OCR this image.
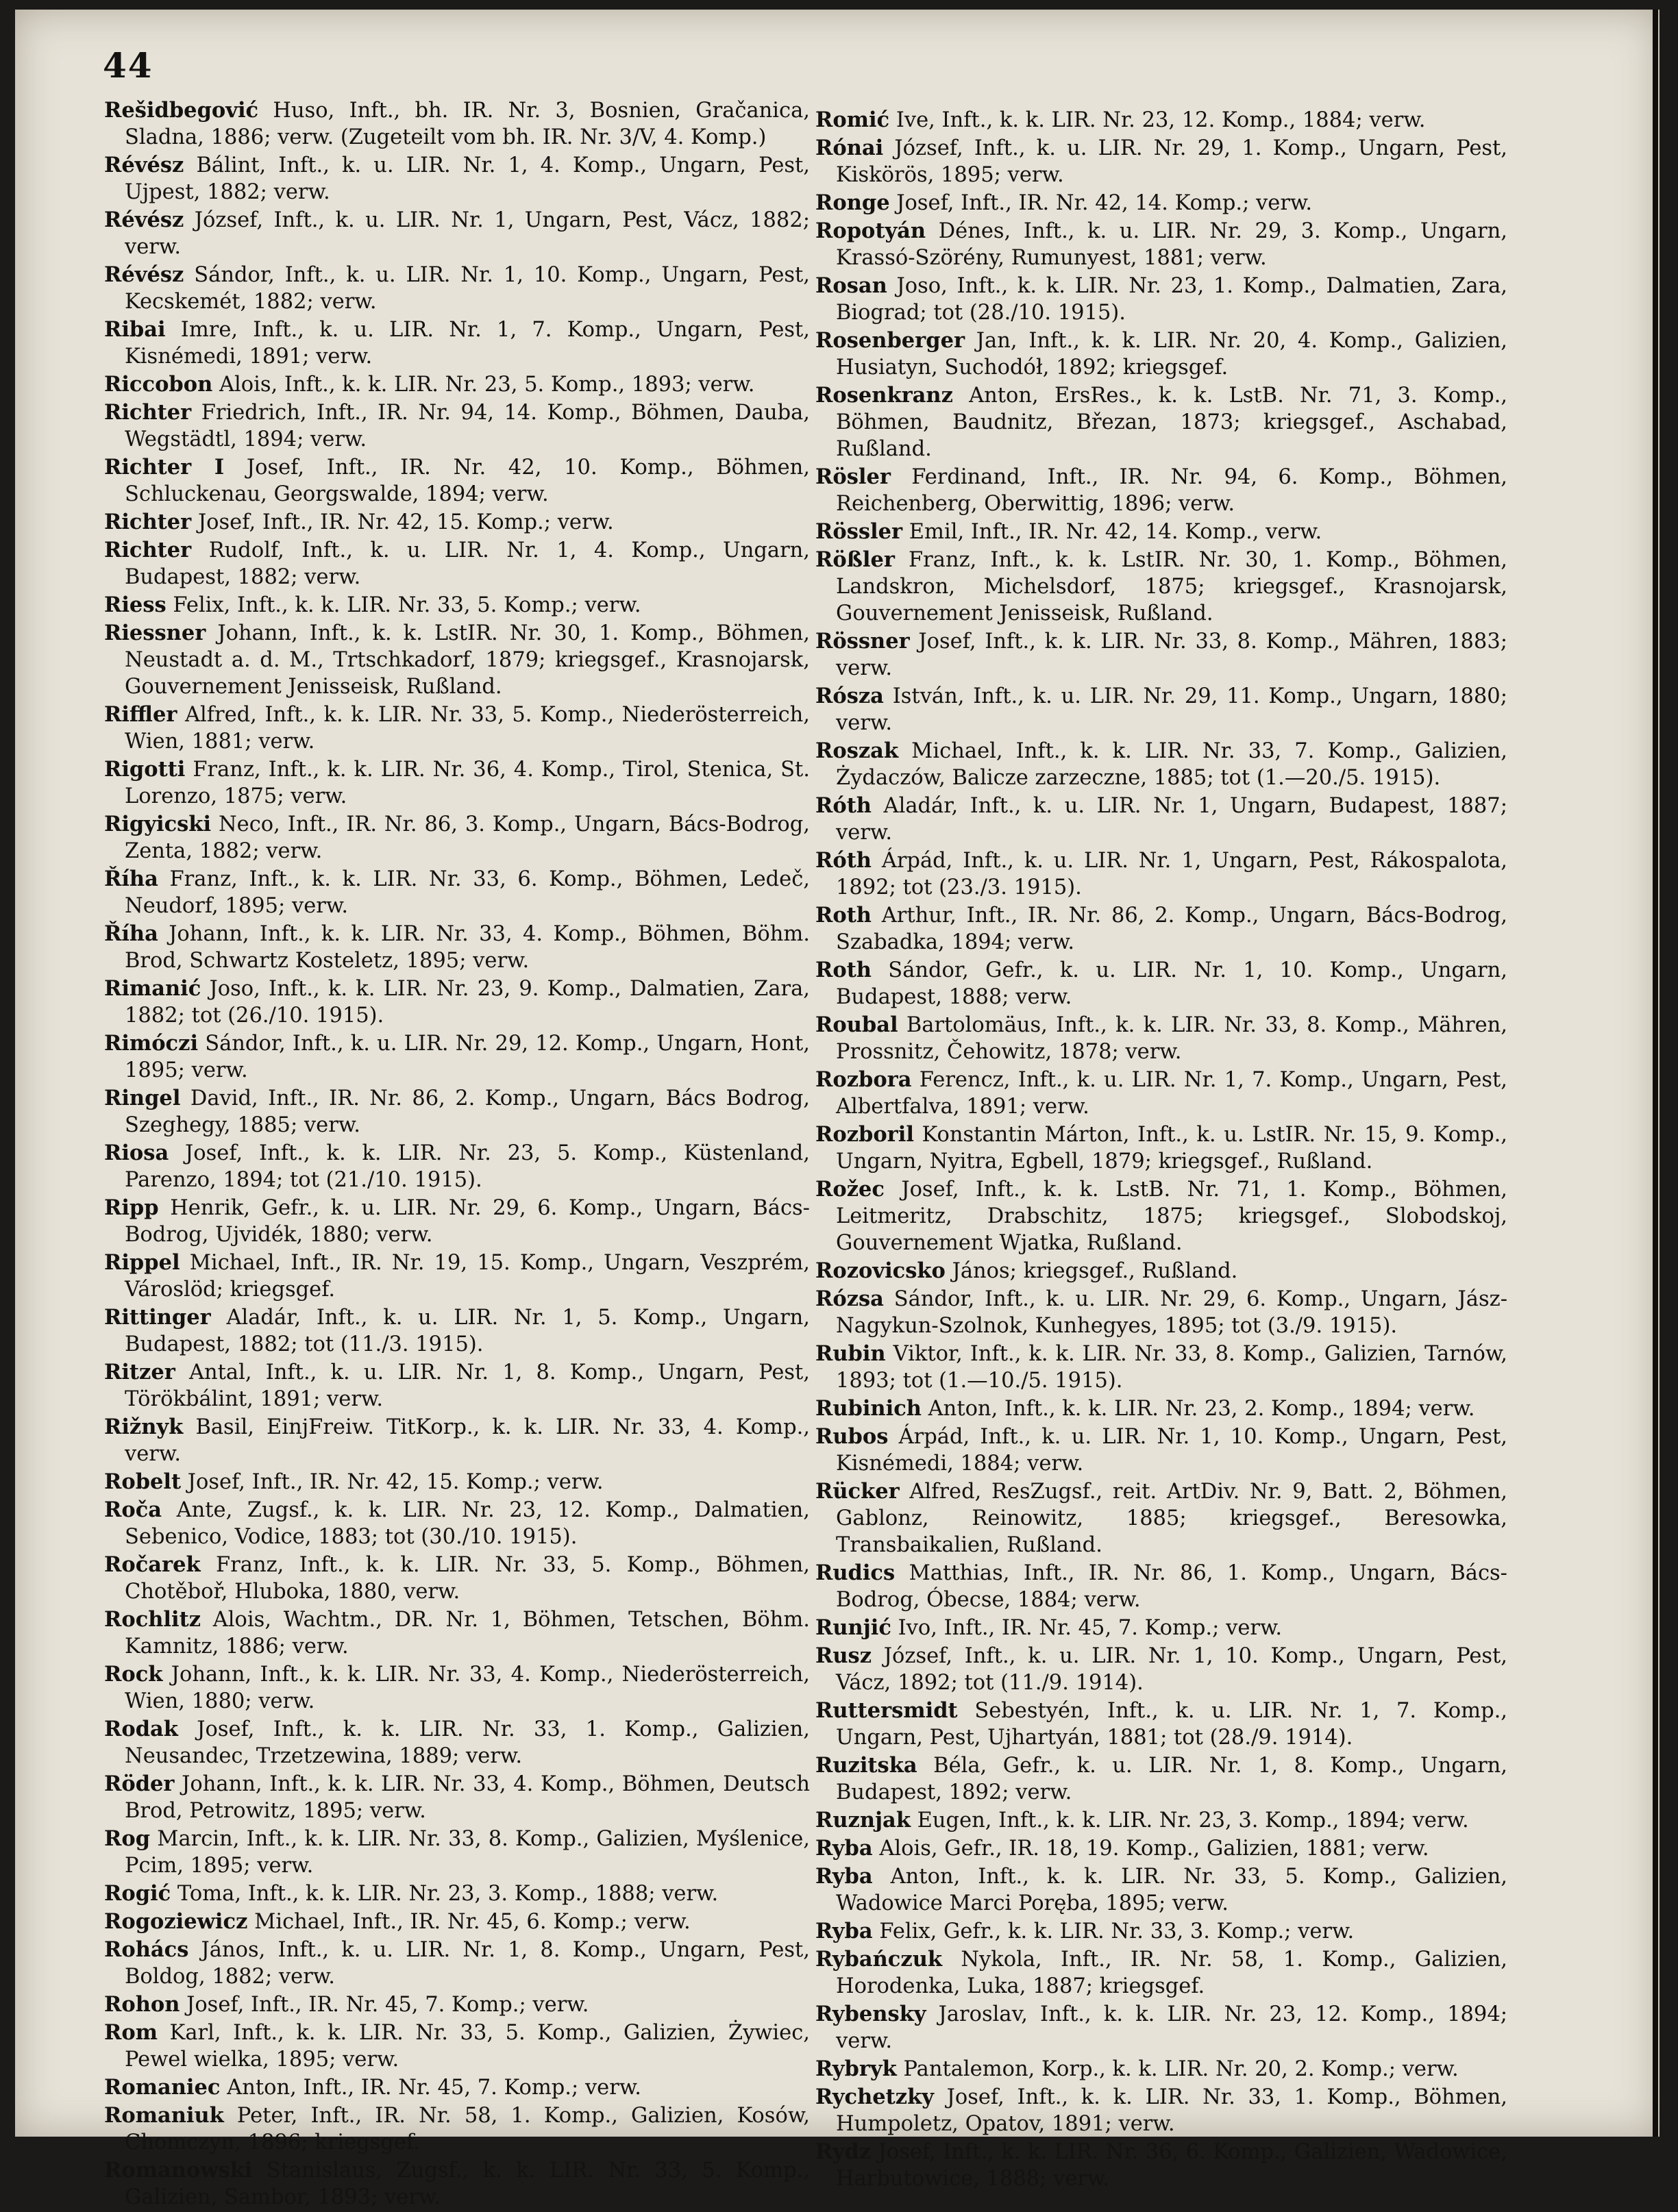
44

Rešidbegović Huso, Inft., bh. IR. Nr. 3, Bosnien, Gračanica, Sladna, 1886; verw. (Zugeteilt vom bh. IR. Nr. 3/V, 4. Komp.)

Révész Bálint, Inft., k. u. LIR. Nr. 1, 4. Komp., Ungarn, Pest, Ujpest, 1882; verw.

Révész József, Inft., k. u. LIR. Nr. 1, Ungarn, Pest, Vácz, 1882; verw.

Révész Sándor, Inft., k. u. LIR. Nr. 1, 10. Komp., Ungarn, Pest, Kecskemét, 1882; verw.

Ribai Imre, Inft., k. u. LIR. Nr. 1, 7. Komp., Ungarn, Pest, Kisnémedi, 1891; verw.

Riccobon Alois, Inft., k. k. LIR. Nr. 23, 5. Komp., 1893; verw.

Richter Friedrich, Inft., IR. Nr. 94, 14. Komp., Böhmen, Dauba, Wegstädtl, 1894; verw.

Richter I Josef, Inft., IR. Nr. 42, 10. Komp., Böhmen, Schluckenau, Georgswalde, 1894; verw.

Richter Josef, Inft., IR. Nr. 42, 15. Komp.; verw.

Richter Rudolf, Inft., k. u. LIR. Nr. 1, 4. Komp., Ungarn, Budapest, 1882; verw.

Riess Felix, Inft., k. k. LIR. Nr. 33, 5. Komp.; verw.

Riessner Johann, Inft., k. k. LstIR. Nr. 30, 1. Komp., Böhmen, Neustadt a. d. M., Trtschkadorf, 1879; kriegsgef., Krasnojarsk, Gouvernement Jenisseisk, Rußland.

Riffler Alfred, Inft., k. k. LIR. Nr. 33, 5. Komp., Niederösterreich, Wien, 1881; verw.

Rigotti Franz, Inft., k. k. LIR. Nr. 36, 4. Komp., Tirol, Stenica, St. Lorenzo, 1875; verw.

Rigyicski Neco, Inft., IR. Nr. 86, 3. Komp., Ungarn, Bács-Bodrog, Zenta, 1882; verw.

Říha Franz, Inft., k. k. LIR. Nr. 33, 6. Komp., Böhmen, Ledeč, Neudorf, 1895; verw.

Říha Johann, Inft., k. k. LIR. Nr. 33, 4. Komp., Böhmen, Böhm. Brod, Schwartz Kosteletz, 1895; verw.

Rimanić Joso, Inft., k. k. LIR. Nr. 23, 9. Komp., Dalmatien, Zara, 1882; tot (26./10. 1915).

Rimóczi Sándor, Inft., k. u. LIR. Nr. 29, 12. Komp., Ungarn, Hont, 1895; verw.

Ringel David, Inft., IR. Nr. 86, 2. Komp., Ungarn, Bács Bodrog, Szeghegy, 1885; verw.

Riosa Josef, Inft., k. k. LIR. Nr. 23, 5. Komp., Küstenland, Parenzo, 1894; tot (21./10. 1915).

Ripp Henrik, Gefr., k. u. LIR. Nr. 29, 6. Komp., Ungarn, Bács-Bodrog, Ujvidék, 1880; verw.

Rippel Michael, Inft., IR. Nr. 19, 15. Komp., Ungarn, Veszprém, Városlöd; kriegsgef.

Rittinger Aladár, Inft., k. u. LIR. Nr. 1, 5. Komp., Ungarn, Budapest, 1882; tot (11./3. 1915).

Ritzer Antal, Inft., k. u. LIR. Nr. 1, 8. Komp., Ungarn, Pest, Törökbálint, 1891; verw.

Rižnyk Basil, EinjFreiw. TitKorp., k. k. LIR. Nr. 33, 4. Komp., verw.

Robelt Josef, Inft., IR. Nr. 42, 15. Komp.; verw.

Roča Ante, Zugsf., k. k. LIR. Nr. 23, 12. Komp., Dalmatien, Sebenico, Vodice, 1883; tot (30./10. 1915).

Ročarek Franz, Inft., k. k. LIR. Nr. 33, 5. Komp., Böhmen, Chotěboř, Hluboka, 1880, verw.

Rochlitz Alois, Wachtm., DR. Nr. 1, Böhmen, Tetschen, Böhm. Kamnitz, 1886; verw.

Rock Johann, Inft., k. k. LIR. Nr. 33, 4. Komp., Niederösterreich, Wien, 1880; verw.

Rodak Josef, Inft., k. k. LIR. Nr. 33, 1. Komp., Galizien, Neusandec, Trzetzewina, 1889; verw.

Röder Johann, Inft., k. k. LIR. Nr. 33, 4. Komp., Böhmen, Deutsch Brod, Petrowitz, 1895; verw.

Rog Marcin, Inft., k. k. LIR. Nr. 33, 8. Komp., Galizien, Myślenice, Pcim, 1895; verw.

Rogić Toma, Inft., k. k. LIR. Nr. 23, 3. Komp., 1888; verw.

Rogoziewicz Michael, Inft., IR. Nr. 45, 6. Komp.; verw.

Rohács János, Inft., k. u. LIR. Nr. 1, 8. Komp., Ungarn, Pest, Boldog, 1882; verw.

Rohon Josef, Inft., IR. Nr. 45, 7. Komp.; verw.

Rom Karl, Inft., k. k. LIR. Nr. 33, 5. Komp., Galizien, Żywiec, Pewel wielka, 1895; verw.

Romaniec Anton, Inft., IR. Nr. 45, 7. Komp.; verw.

Romaniuk Peter, Inft., IR. Nr. 58, 1. Komp., Galizien, Kosów, Chomczyn, 1896; kriegsgef.

Romanowski Stanislaus, Zugsf., k. k. LIR. Nr. 33, 5. Komp., Galizien, Sambor, 1893; verw.

Romić Ive, Inft., k. k. LIR. Nr. 23, 12. Komp., 1884; verw.

Rónai József, Inft., k. u. LIR. Nr. 29, 1. Komp., Ungarn, Pest, Kiskörös, 1895; verw.

Ronge Josef, Inft., IR. Nr. 42, 14. Komp.; verw.

Ropotyán Dénes, Inft., k. u. LIR. Nr. 29, 3. Komp., Ungarn, Krassó-Szörény, Rumunyest, 1881; verw.

Rosan Joso, Inft., k. k. LIR. Nr. 23, 1. Komp., Dalmatien, Zara, Biograd; tot (28./10. 1915).

Rosenberger Jan, Inft., k. k. LIR. Nr. 20, 4. Komp., Galizien, Husiatyn, Suchodół, 1892; kriegsgef.

Rosenkranz Anton, ErsRes., k. k. LstB. Nr. 71, 3. Komp., Böhmen, Baudnitz, Březan, 1873; kriegsgef., Aschabad, Rußland.

Rösler Ferdinand, Inft., IR. Nr. 94, 6. Komp., Böhmen, Reichenberg, Oberwittig, 1896; verw.

Rössler Emil, Inft., IR. Nr. 42, 14. Komp., verw.

Rößler Franz, Inft., k. k. LstIR. Nr. 30, 1. Komp., Böhmen, Landskron, Michelsdorf, 1875; kriegsgef., Krasnojarsk, Gouvernement Jenisseisk, Rußland.

Rössner Josef, Inft., k. k. LIR. Nr. 33, 8. Komp., Mähren, 1883; verw.

Rósza István, Inft., k. u. LIR. Nr. 29, 11. Komp., Ungarn, 1880; verw.

Roszak Michael, Inft., k. k. LIR. Nr. 33, 7. Komp., Galizien, Żydaczów, Balicze zarzeczne, 1885; tot (1.—20./5. 1915).

Róth Aladár, Inft., k. u. LIR. Nr. 1, Ungarn, Budapest, 1887; verw.

Róth Árpád, Inft., k. u. LIR. Nr. 1, Ungarn, Pest, Rákospalota, 1892; tot (23./3. 1915).

Roth Arthur, Inft., IR. Nr. 86, 2. Komp., Ungarn, Bács-Bodrog, Szabadka, 1894; verw.

Roth Sándor, Gefr., k. u. LIR. Nr. 1, 10. Komp., Ungarn, Budapest, 1888; verw.

Roubal Bartolomäus, Inft., k. k. LIR. Nr. 33, 8. Komp., Mähren, Prossnitz, Čehowitz, 1878; verw.

Rozbora Ferencz, Inft., k. u. LIR. Nr. 1, 7. Komp., Ungarn, Pest, Albertfalva, 1891; verw.

Rozboril Konstantin Márton, Inft., k. u. LstIR. Nr. 15, 9. Komp., Ungarn, Nyitra, Egbell, 1879; kriegsgef., Rußland.

Rožec Josef, Inft., k. k. LstB. Nr. 71, 1. Komp., Böhmen, Leitmeritz, Drabschitz, 1875; kriegsgef., Slobodskoj, Gouvernement Wjatka, Rußland.

Rozovicsko János; kriegsgef., Rußland.

Rózsa Sándor, Inft., k. u. LIR. Nr. 29, 6. Komp., Ungarn, Jász-Nagykun-Szolnok, Kunhegyes, 1895; tot (3./9. 1915).

Rubin Viktor, Inft., k. k. LIR. Nr. 33, 8. Komp., Galizien, Tarnów, 1893; tot (1.—10./5. 1915).

Rubinich Anton, Inft., k. k. LIR. Nr. 23, 2. Komp., 1894; verw.

Rubos Árpád, Inft., k. u. LIR. Nr. 1, 10. Komp., Ungarn, Pest, Kisnémedi, 1884; verw.

Rücker Alfred, ResZugsf., reit. ArtDiv. Nr. 9, Batt. 2, Böhmen, Gablonz, Reinowitz, 1885; kriegsgef., Beresowka, Transbaikalien, Rußland.

Rudics Matthias, Inft., IR. Nr. 86, 1. Komp., Ungarn, Bács-Bodrog, Óbecse, 1884; verw.

Runjić Ivo, Inft., IR. Nr. 45, 7. Komp.; verw.

Rusz József, Inft., k. u. LIR. Nr. 1, 10. Komp., Ungarn, Pest, Vácz, 1892; tot (11./9. 1914).

Ruttersmidt Sebestyén, Inft., k. u. LIR. Nr. 1, 7. Komp., Ungarn, Pest, Ujhartyán, 1881; tot (28./9. 1914).

Ruzitska Béla, Gefr., k. u. LIR. Nr. 1, 8. Komp., Ungarn, Budapest, 1892; verw.

Ruznjak Eugen, Inft., k. k. LIR. Nr. 23, 3. Komp., 1894; verw.

Ryba Alois, Gefr., IR. 18, 19. Komp., Galizien, 1881; verw.

Ryba Anton, Inft., k. k. LIR. Nr. 33, 5. Komp., Galizien, Wadowice Marci Poręba, 1895; verw.

Ryba Felix, Gefr., k. k. LIR. Nr. 33, 3. Komp.; verw.

Rybańczuk Nykola, Inft., IR. Nr. 58, 1. Komp., Galizien, Horodenka, Luka, 1887; kriegsgef.

Rybensky Jaroslav, Inft., k. k. LIR. Nr. 23, 12. Komp., 1894; verw.

Rybryk Pantalemon, Korp., k. k. LIR. Nr. 20, 2. Komp.; verw.

Rychetzky Josef, Inft., k. k. LIR. Nr. 33, 1. Komp., Böhmen, Humpoletz, Opatov, 1891; verw.

Rydz Josef, Inft., k. k. LIR. Nr. 36, 6. Komp., Galizien, Wadowice, Harbutowice, 1888; verw.
